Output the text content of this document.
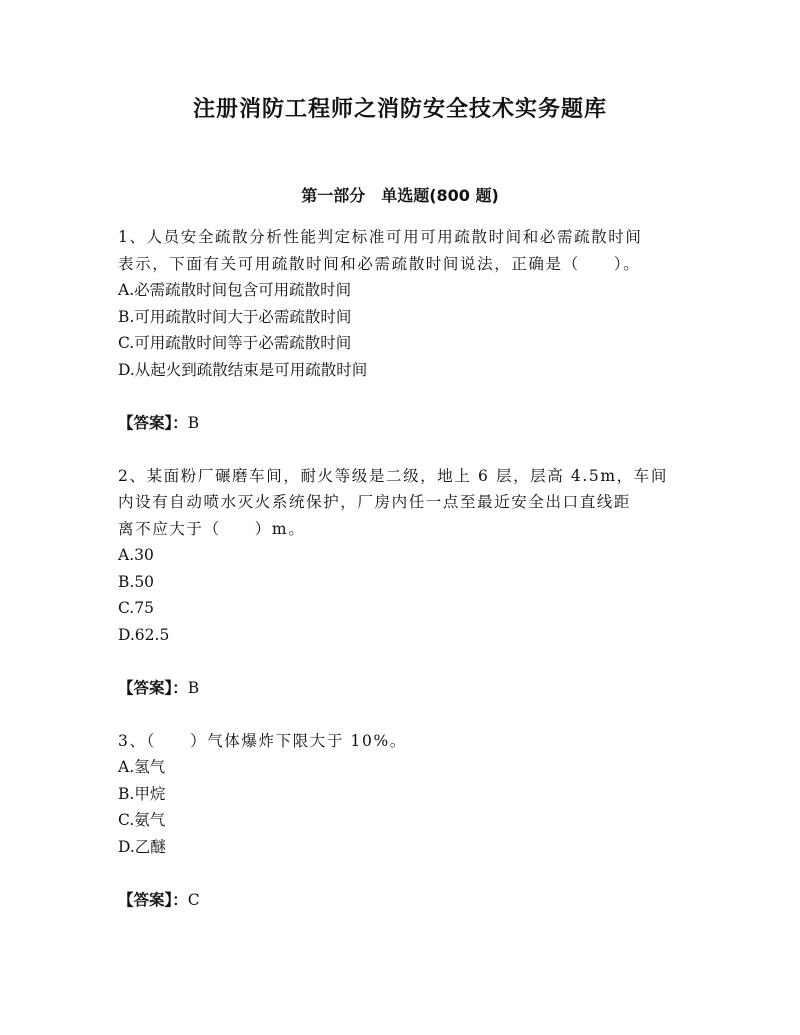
注册消防工程师之消防安全技术实务题库
第一部分　单选题(800 题)
1、人员安全疏散分析性能判定标准可用可用疏散时间和必需疏散时间
表示，下面有关可用疏散时间和必需疏散时间说法，正确是（　　）。
A.必需疏散时间包含可用疏散时间
B.可用疏散时间大于必需疏散时间
C.可用疏散时间等于必需疏散时间
D.从起火到疏散结束是可用疏散时间
【答案】：B
2、某面粉厂碾磨车间，耐火等级是二级，地上 6 层，层高 4.5m，车间
内设有自动喷水灭火系统保护，厂房内任一点至最近安全出口直线距
离不应大于（　　）m。
A.30
B.50
C.75
D.62.5
【答案】：B
3、（　　）气体爆炸下限大于 10%。
A.氢气
B.甲烷
C.氨气
D.乙醚
【答案】：C
